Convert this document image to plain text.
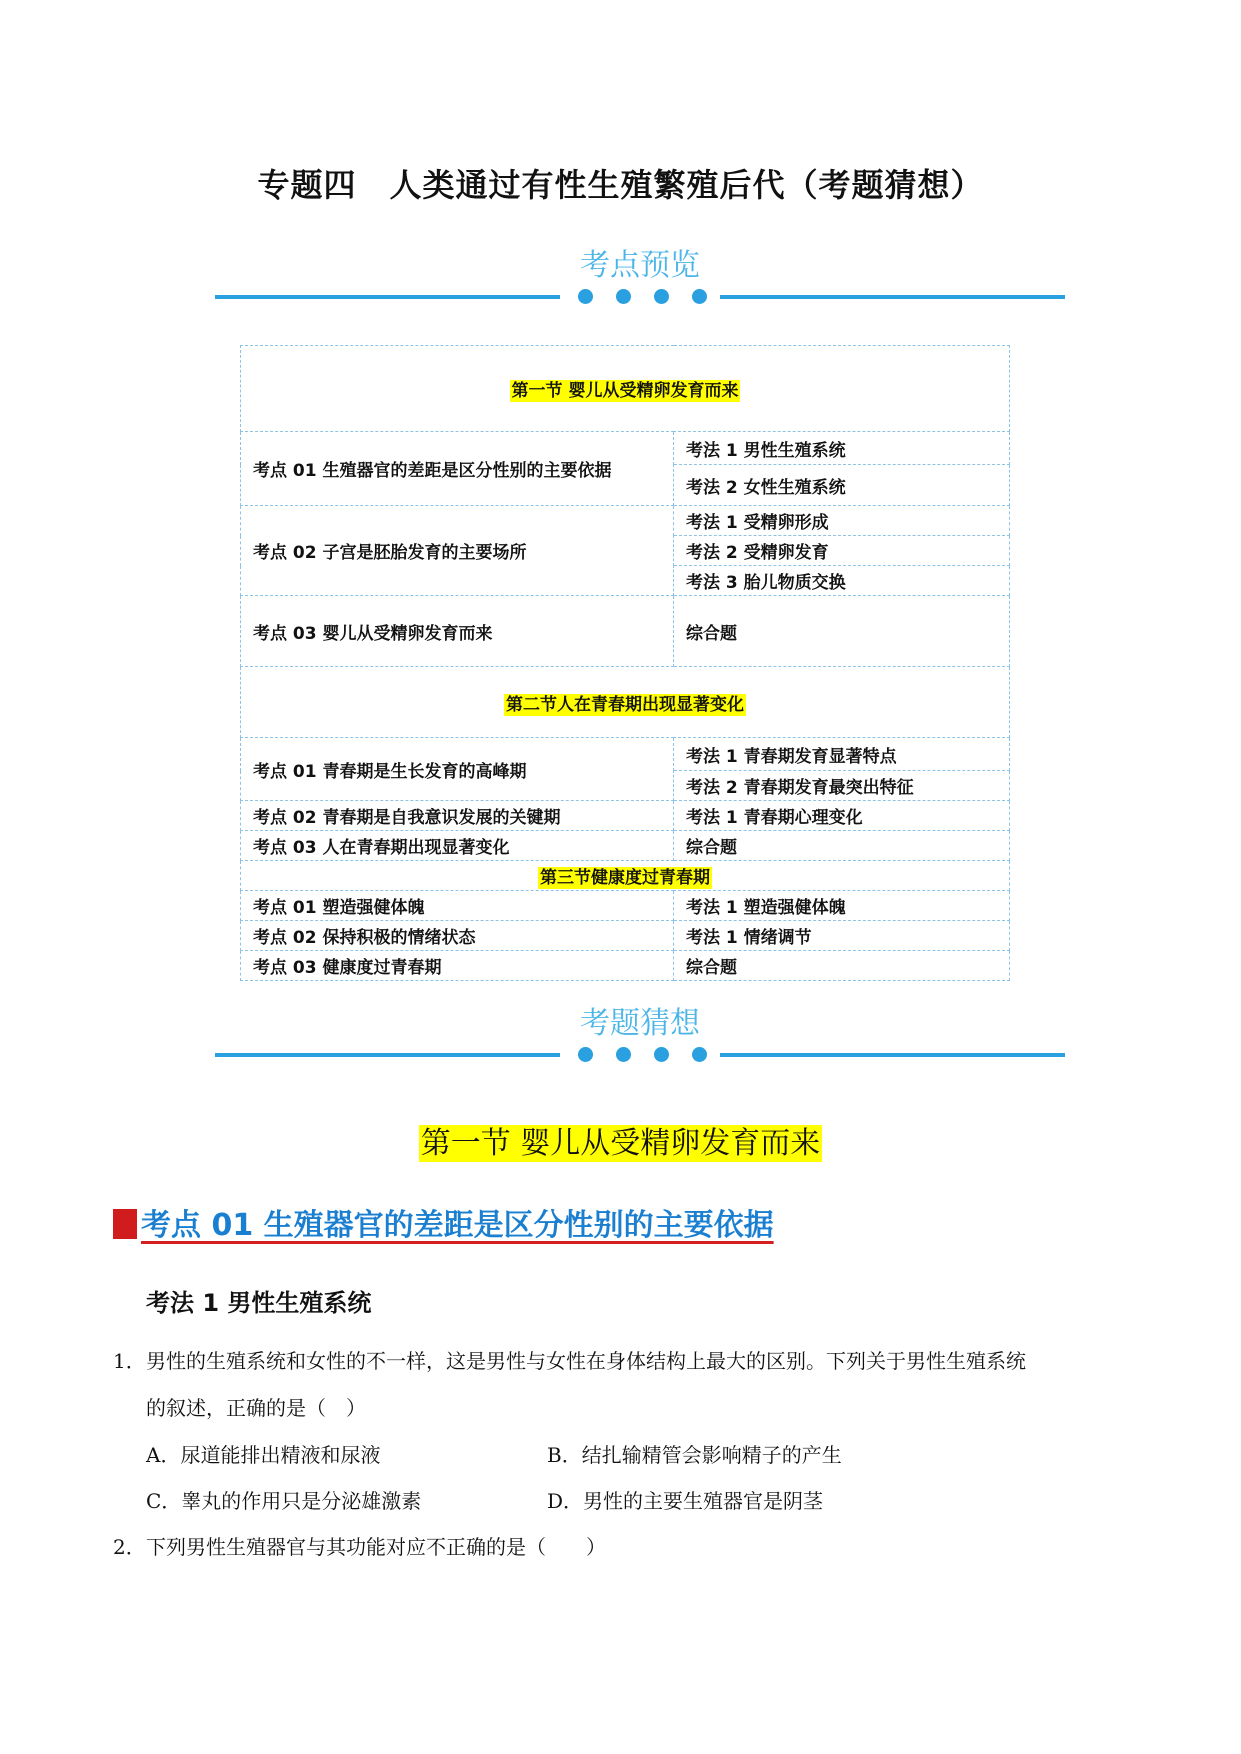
专题四　人类通过有性生殖繁殖后代（考题猜想）
考点预览
第一节 婴儿从受精卵发育而来	
考点 01 生殖器官的差距是区分性别的主要依据	考法 1 男性生殖系统
	考法 2 女性生殖系统
考点 02 子宫是胚胎发育的主要场所	考法 1 受精卵形成
	考法 2 受精卵发育
	考法 3 胎儿物质交换
考点 03 婴儿从受精卵发育而来	综合题
第二节人在青春期出现显著变化	
考点 01 青春期是生长发育的高峰期	考法 1 青春期发育显著特点
	考法 2 青春期发育最突出特征
考点 02 青春期是自我意识发展的关键期	考法 1 青春期心理变化
考点 03 人在青春期出现显著变化	综合题
第三节健康度过青春期	
考点 01 塑造强健体魄	考法 1 塑造强健体魄
考点 02 保持积极的情绪状态	考法 1 情绪调节
考点 03 健康度过青春期	综合题
考题猜想
第一节 婴儿从受精卵发育而来
考点 01 生殖器官的差距是区分性别的主要依据
考法 1 男性生殖系统
1． 男性的生殖系统和女性的不一样，这是男性与女性在身体结构上最大的区别。下列关于男性生殖系统
的叙述，正确的是（　）
A．尿道能排出精液和尿液	B．结扎输精管会影响精子的产生
C．睾丸的作用只是分泌雄激素	D．男性的主要生殖器官是阴茎
2． 下列男性生殖器官与其功能对应不正确的是（　　）
